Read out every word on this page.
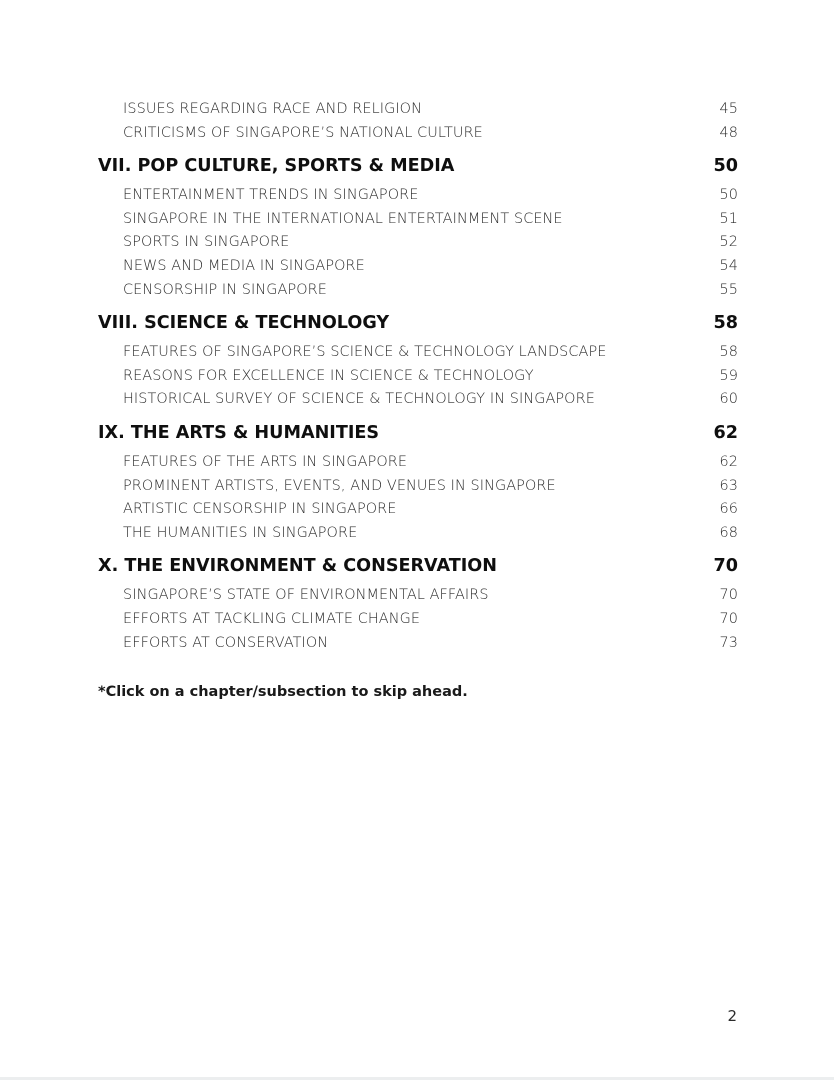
ISSUES REGARDING RACE AND RELIGION	45
CRITICISMS OF SINGAPORE’S NATIONAL CULTURE	48
VII. POP CULTURE, SPORTS & MEDIA	50
ENTERTAINMENT TRENDS IN SINGAPORE	50
SINGAPORE IN THE INTERNATIONAL ENTERTAINMENT SCENE	51
SPORTS IN SINGAPORE	52
NEWS AND MEDIA IN SINGAPORE	54
CENSORSHIP IN SINGAPORE	55
VIII. SCIENCE & TECHNOLOGY	58
FEATURES OF SINGAPORE’S SCIENCE & TECHNOLOGY LANDSCAPE	58
REASONS FOR EXCELLENCE IN SCIENCE & TECHNOLOGY	59
HISTORICAL SURVEY OF SCIENCE & TECHNOLOGY IN SINGAPORE	60
IX. THE ARTS & HUMANITIES	62
FEATURES OF THE ARTS IN SINGAPORE	62
PROMINENT ARTISTS, EVENTS, AND VENUES IN SINGAPORE	63
ARTISTIC CENSORSHIP IN SINGAPORE	66
THE HUMANITIES IN SINGAPORE	68
X. THE ENVIRONMENT & CONSERVATION	70
SINGAPORE’S STATE OF ENVIRONMENTAL AFFAIRS	70
EFFORTS AT TACKLING CLIMATE CHANGE	70
EFFORTS AT CONSERVATION	73
*Click on a chapter/subsection to skip ahead.
2
